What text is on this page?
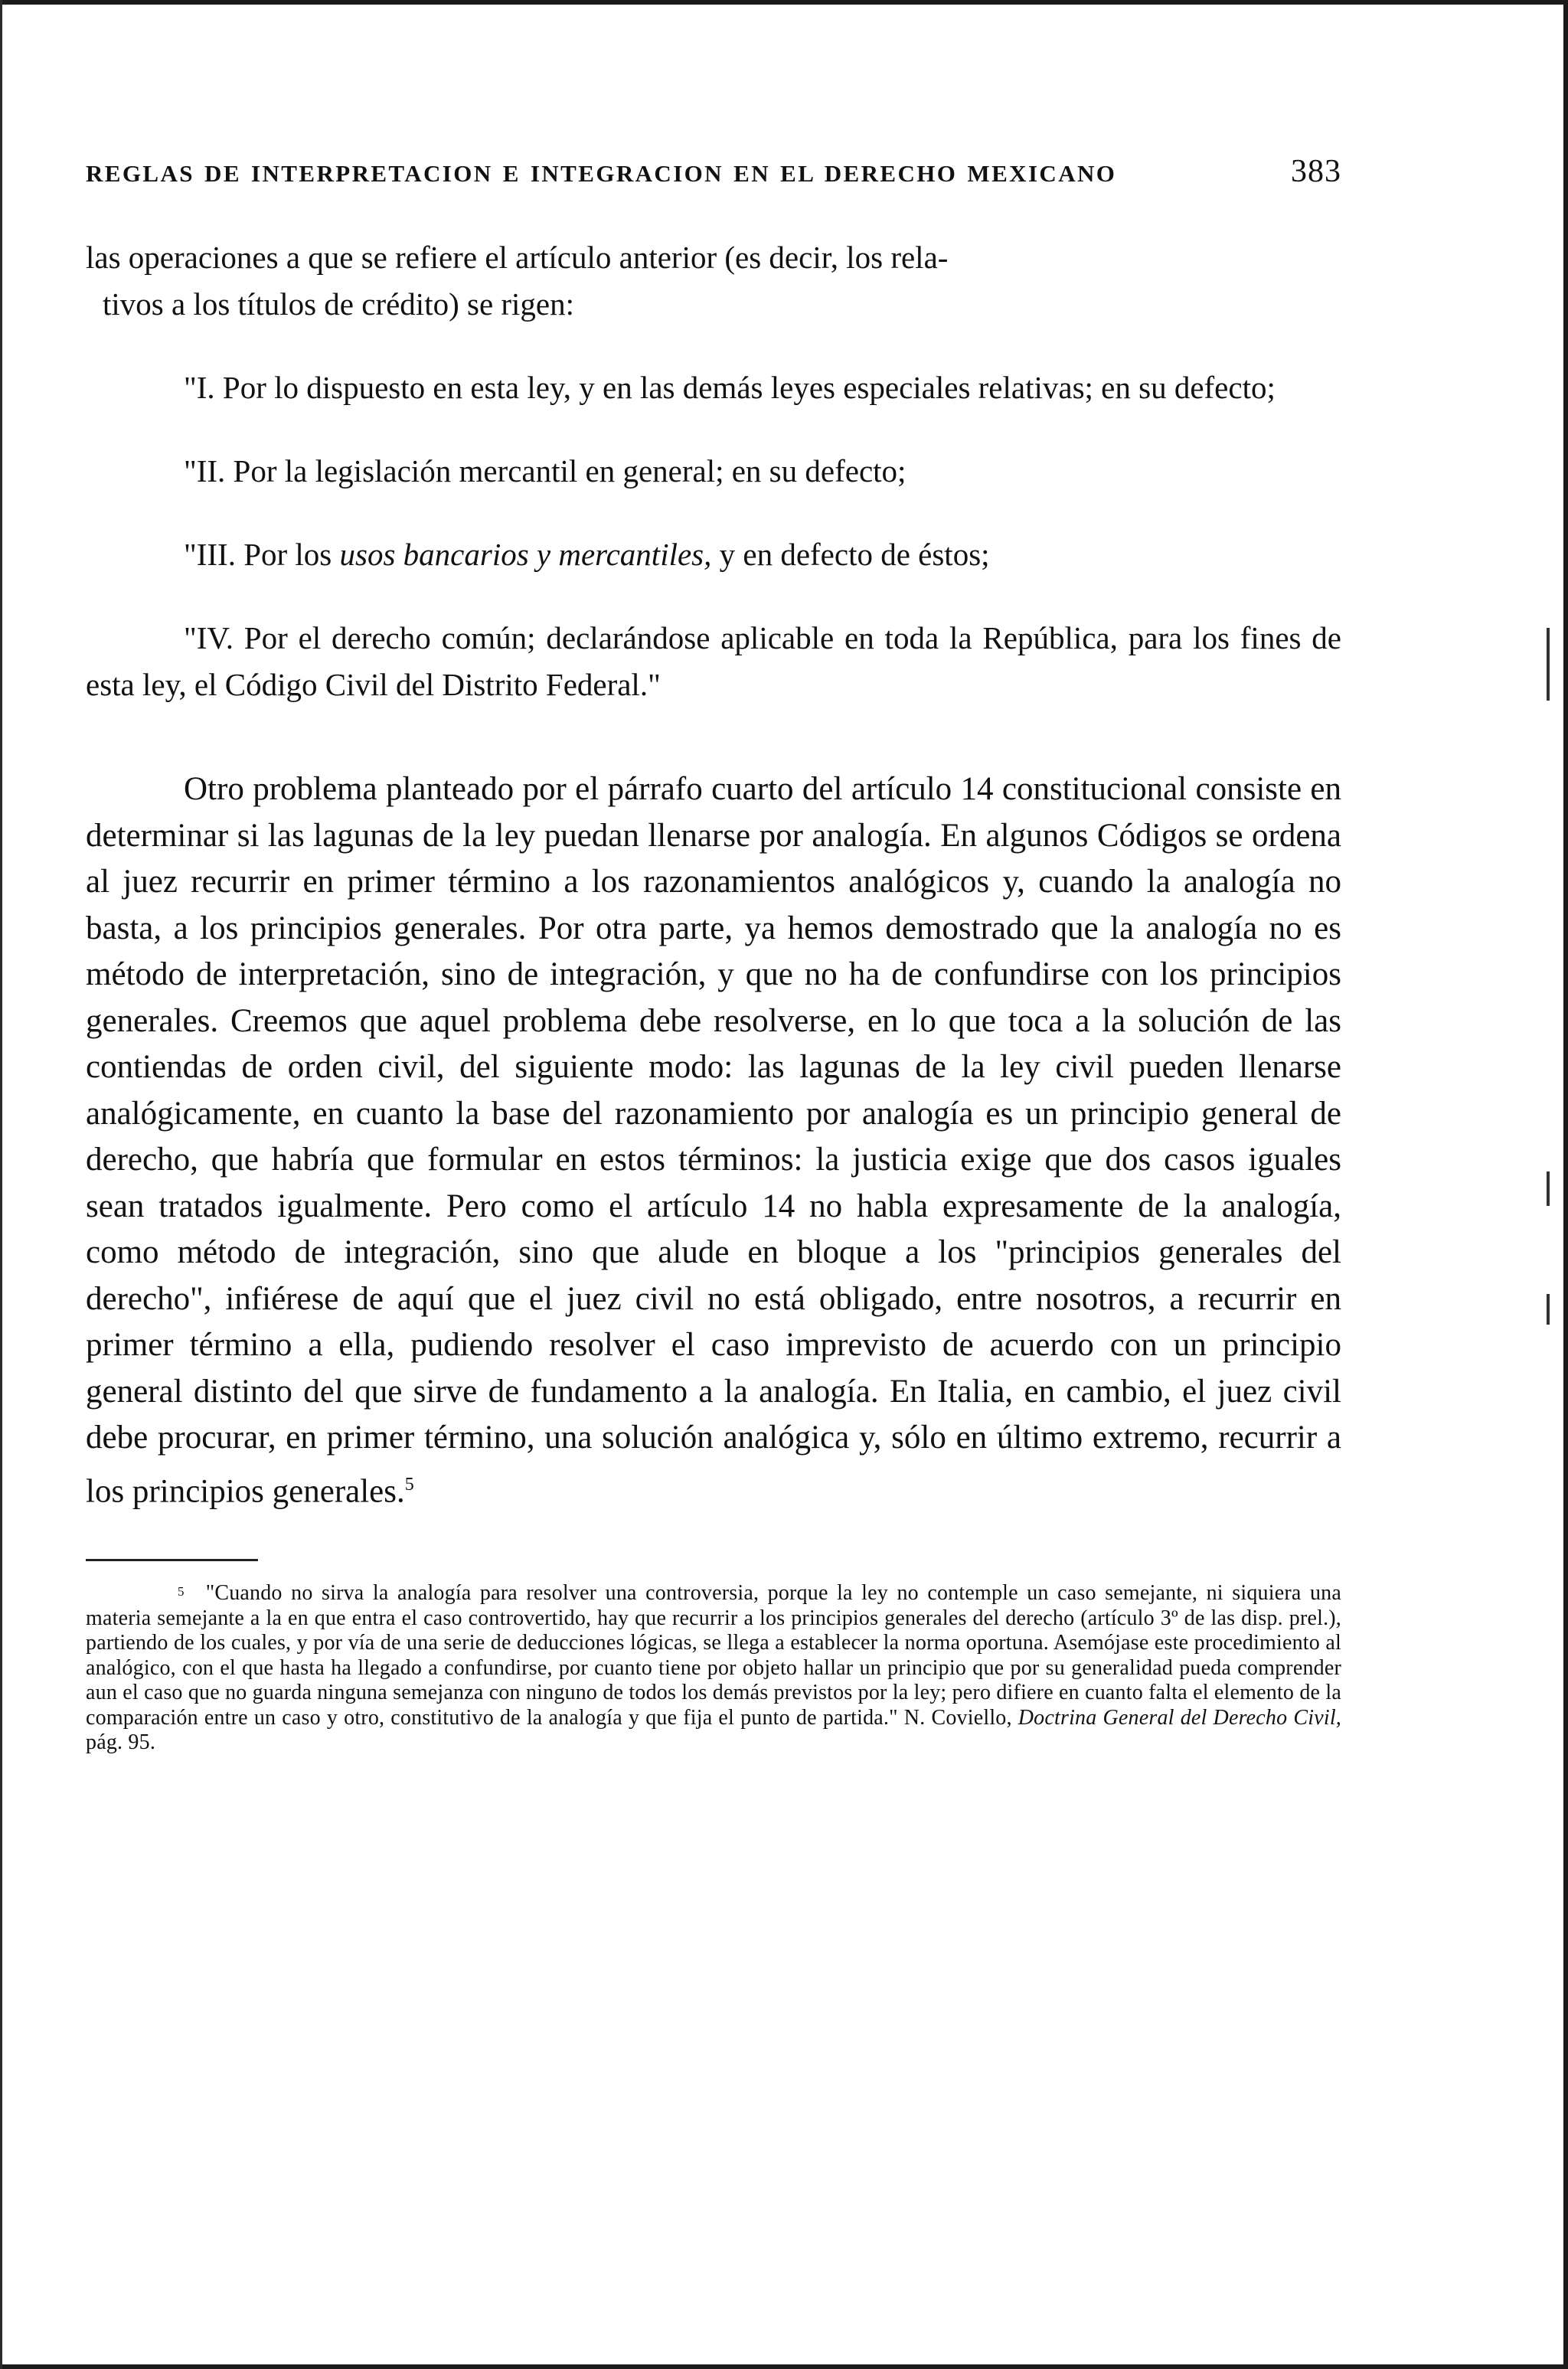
REGLAS DE INTERPRETACION E INTEGRACION EN EL DERECHO MEXICANO	383
las operaciones a que se refiere el artículo anterior (es decir, los rela-
tivos a los títulos de crédito) se rigen:

"I. Por lo dispuesto en esta ley, y en las demás leyes especiales relativas; en su defecto;

"II. Por la legislación mercantil en general; en su defecto;

"III. Por los usos bancarios y mercantiles, y en defecto de éstos;

"IV. Por el derecho común; declarándose aplicable en toda la República, para los fines de esta ley, el Código Civil del Distrito Federal."

Otro problema planteado por el párrafo cuarto del artículo 14 constitucional consiste en determinar si las lagunas de la ley puedan llenarse por analogía. En algunos Códigos se ordena al juez recurrir en primer término a los razonamientos analógicos y, cuando la analogía no basta, a los principios generales. Por otra parte, ya hemos demostrado que la analogía no es método de interpretación, sino de integración, y que no ha de confundirse con los principios generales. Creemos que aquel problema debe resolverse, en lo que toca a la solución de las contiendas de orden civil, del siguiente modo: las lagunas de la ley civil pueden llenarse analógicamente, en cuanto la base del razonamiento por analogía es un principio general de derecho, que habría que formular en estos términos: la justicia exige que dos casos iguales sean tratados igualmente. Pero como el artículo 14 no habla expresamente de la analogía, como método de integración, sino que alude en bloque a los "principios generales del derecho", infiérese de aquí que el juez civil no está obligado, entre nosotros, a recurrir en primer término a ella, pudiendo resolver el caso imprevisto de acuerdo con un principio general distinto del que sirve de fundamento a la analogía. En Italia, en cambio, el juez civil debe procurar, en primer término, una solución analógica y, sólo en último extremo, recurrir a los principios generales.$^5$

$^5$ "Cuando no sirva la analogía para resolver una controversia, porque la ley no contemple un caso semejante, ni siquiera una materia semejante a la en que entra el caso controvertido, hay que recurrir a los principios generales del derecho (artículo 3º de las disp. prel.), partiendo de los cuales, y por vía de una serie de deducciones lógicas, se llega a establecer la norma oportuna. Asemójase este procedimiento al analógico, con el que hasta ha llegado a confundirse, por cuanto tiene por objeto hallar un principio que por su generalidad pueda comprender aun el caso que no guarda ninguna semejanza con ninguno de todos los demás previstos por la ley; pero difiere en cuanto falta el elemento de la comparación entre un caso y otro, constitutivo de la analogía y que fija el punto de partida." N. Coviello, Doctrina General del Derecho Civil, pág. 95.
